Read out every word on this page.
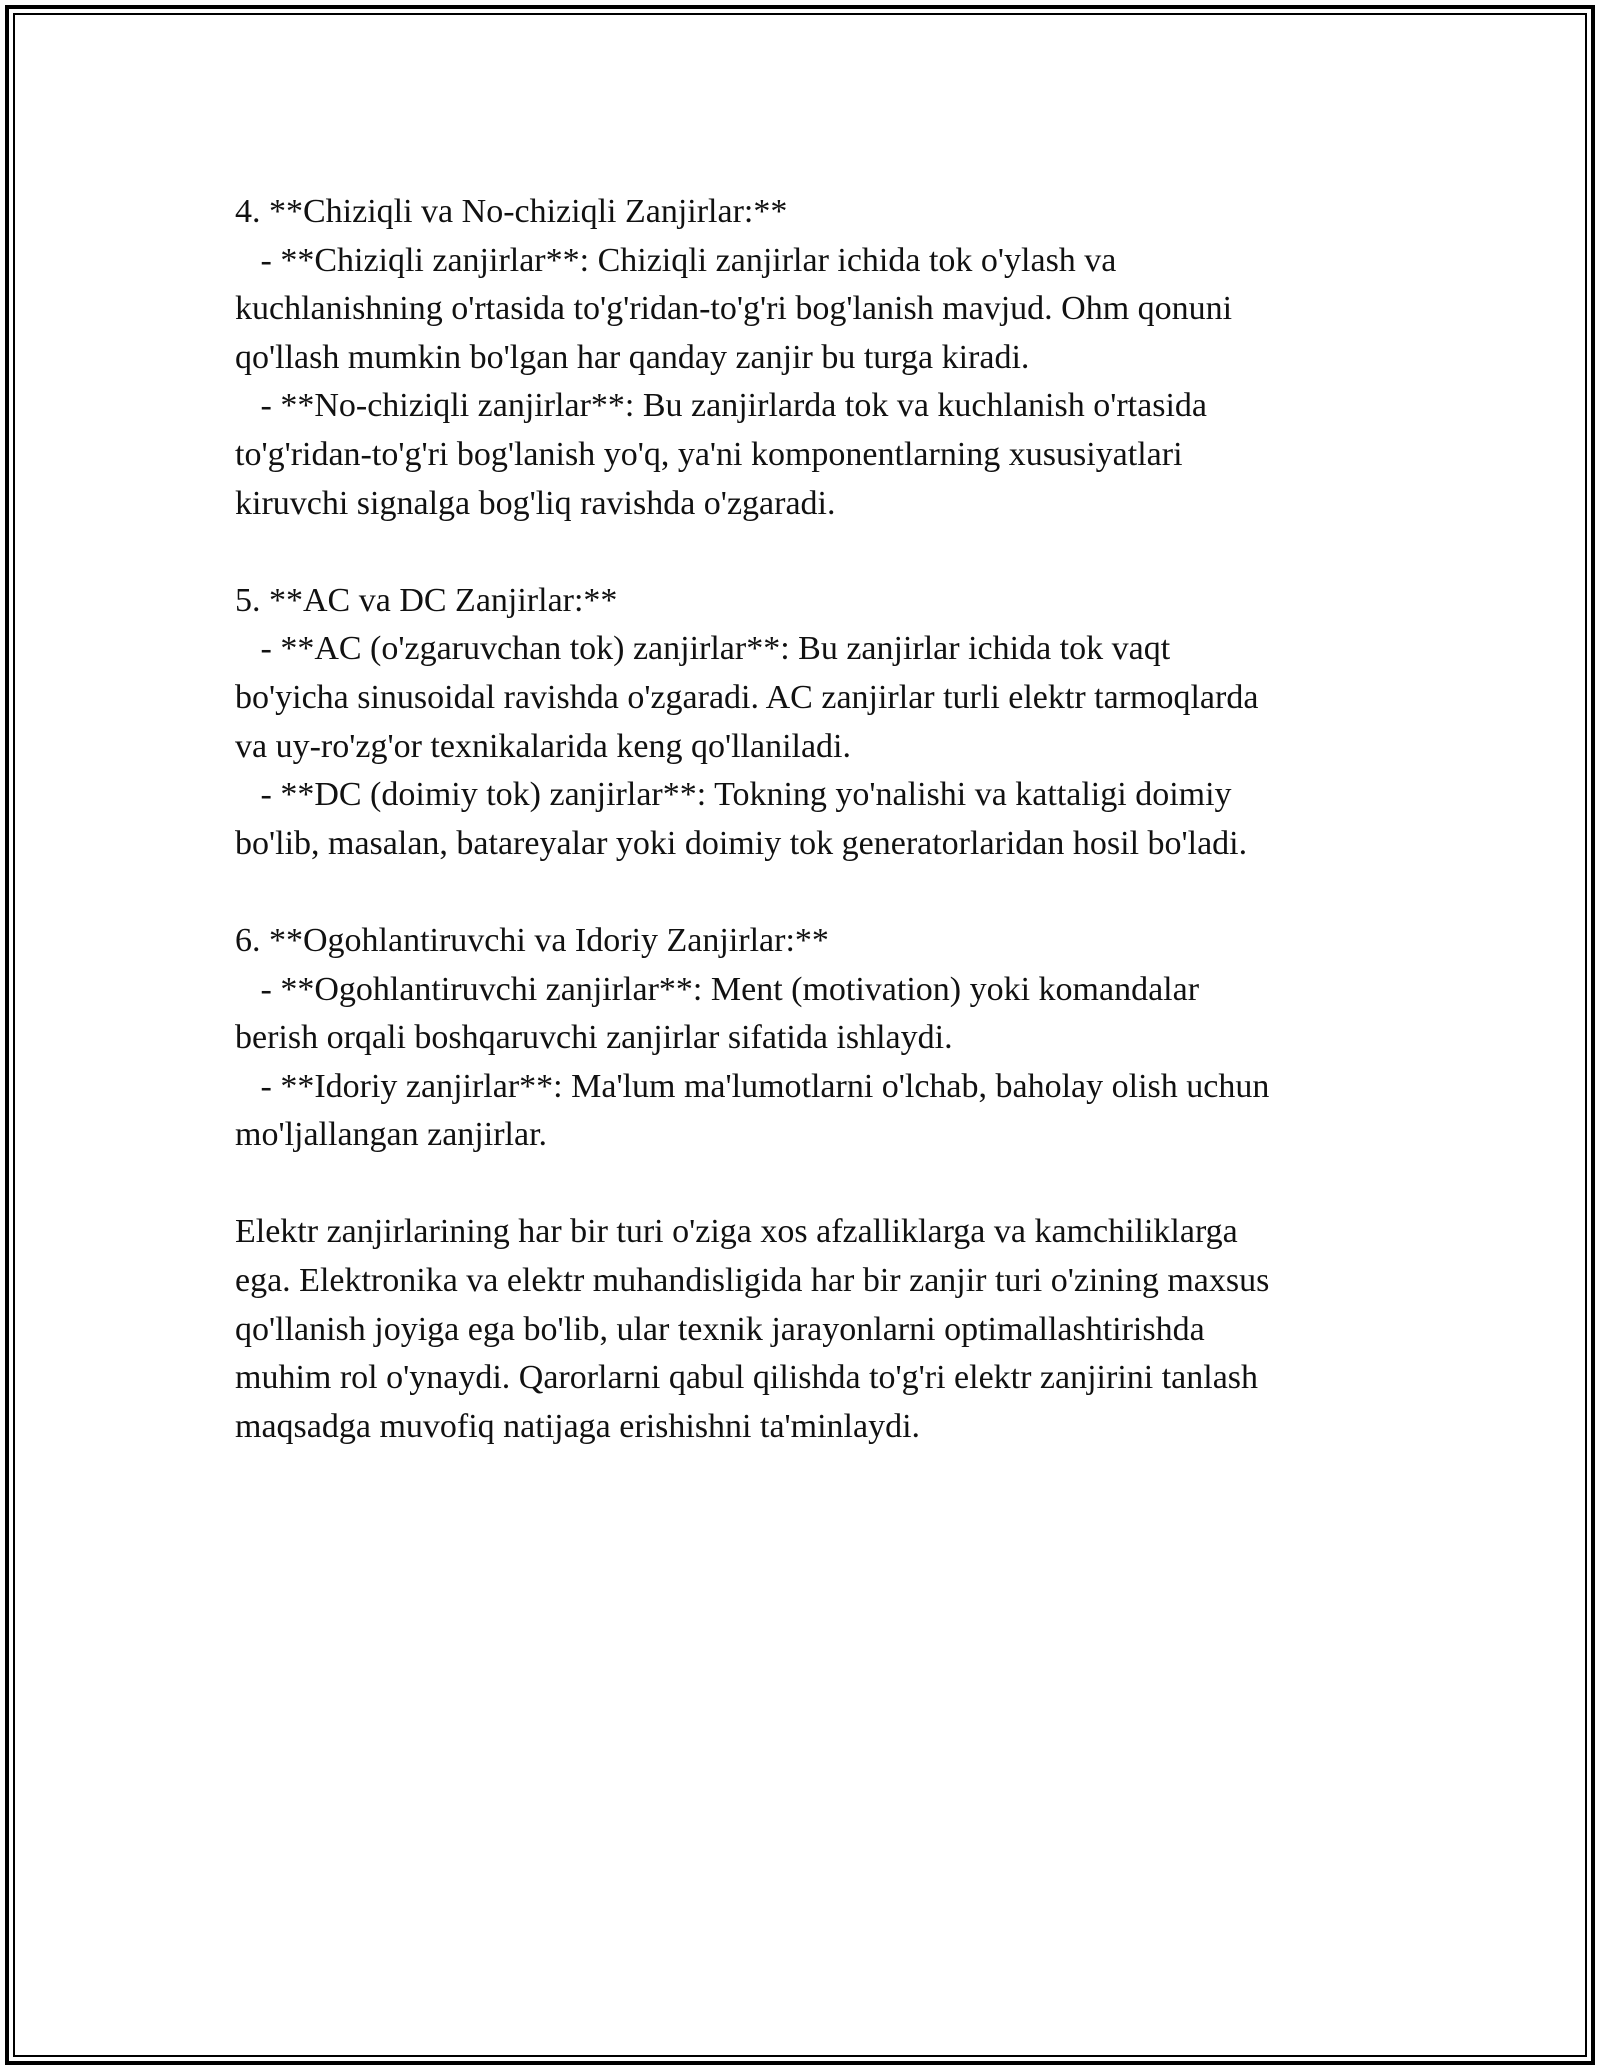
4. **Chiziqli va No-chiziqli Zanjirlar:**
- **Chiziqli zanjirlar**: Chiziqli zanjirlar ichida tok o'ylash va
kuchlanishning o'rtasida to'g'ridan-to'g'ri bog'lanish mavjud. Ohm qonuni
qo'llash mumkin bo'lgan har qanday zanjir bu turga kiradi.
- **No-chiziqli zanjirlar**: Bu zanjirlarda tok va kuchlanish o'rtasida
to'g'ridan-to'g'ri bog'lanish yo'q, ya'ni komponentlarning xususiyatlari
kiruvchi signalga bog'liq ravishda o'zgaradi.
5. **AC va DC Zanjirlar:**
- **AC (o'zgaruvchan tok) zanjirlar**: Bu zanjirlar ichida tok vaqt
bo'yicha sinusoidal ravishda o'zgaradi. AC zanjirlar turli elektr tarmoqlarda
va uy-ro'zg'or texnikalarida keng qo'llaniladi.
- **DC (doimiy tok) zanjirlar**: Tokning yo'nalishi va kattaligi doimiy
bo'lib, masalan, batareyalar yoki doimiy tok generatorlaridan hosil bo'ladi.
6. **Ogohlantiruvchi va Idoriy Zanjirlar:**
- **Ogohlantiruvchi zanjirlar**: Ment (motivation) yoki komandalar
berish orqali boshqaruvchi zanjirlar sifatida ishlaydi.
- **Idoriy zanjirlar**: Ma'lum ma'lumotlarni o'lchab, baholay olish uchun
mo'ljallangan zanjirlar.
Elektr zanjirlarining har bir turi o'ziga xos afzalliklarga va kamchiliklarga
ega. Elektronika va elektr muhandisligida har bir zanjir turi o'zining maxsus
qo'llanish joyiga ega bo'lib, ular texnik jarayonlarni optimallashtirishda
muhim rol o'ynaydi. Qarorlarni qabul qilishda to'g'ri elektr zanjirini tanlash
maqsadga muvofiq natijaga erishishni ta'minlaydi.
